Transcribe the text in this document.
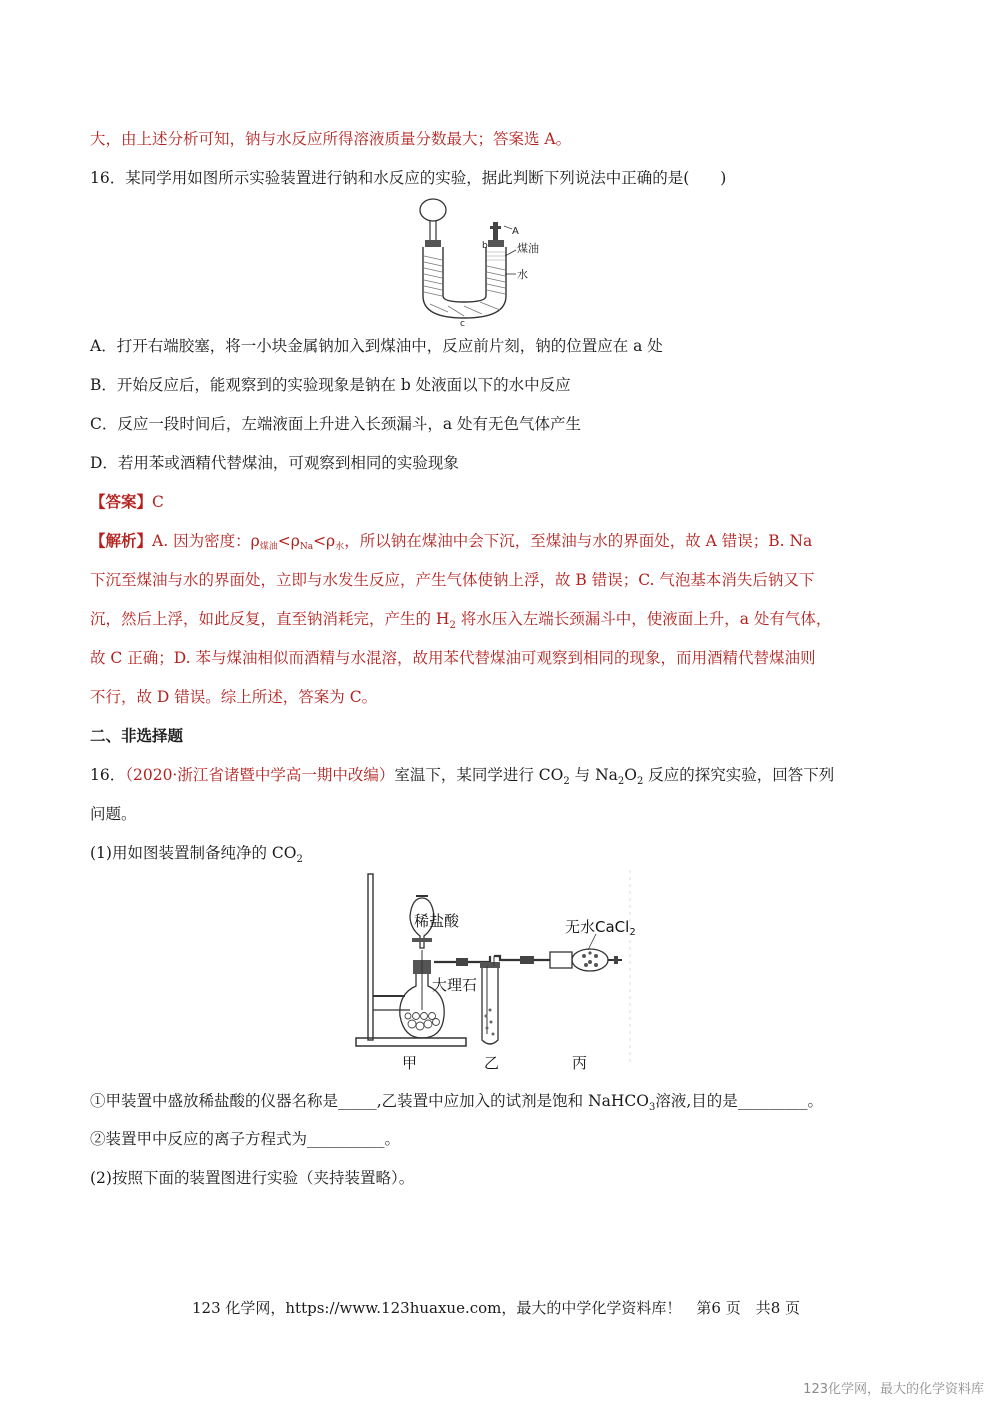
大，由上述分析可知，钠与水反应所得溶液质量分数最大；答案选 A。
16．某同学用如图所示实验装置进行钠和水反应的实验，据此判断下列说法中正确的是(　　)
A
b	煤油
水
c
A．打开右端胶塞，将一小块金属钠加入到煤油中，反应前片刻，钠的位置应在 a 处
B．开始反应后，能观察到的实验现象是钠在 b 处液面以下的水中反应
C．反应一段时间后，左端液面上升进入长颈漏斗，a 处有无色气体产生
D．若用苯或酒精代替煤油，可观察到相同的实验现象
【答案】C
【解析】A. 因为密度：ρ煤油<ρNa<ρ水，所以钠在煤油中会下沉，至煤油与水的界面处，故 A 错误；B. Na
下沉至煤油与水的界面处，立即与水发生反应，产生气体使钠上浮，故 B 错误；C. 气泡基本消失后钠又下
沉，然后上浮，如此反复，直至钠消耗完，产生的 $H_2$ 将水压入左端长颈漏斗中，使液面上升，a 处有气体，
故 C 正确；D. 苯与煤油相似而酒精与水混溶，故用苯代替煤油可观察到相同的现象，而用酒精代替煤油则
不行，故 D 错误。综上所述，答案为 C。
二、非选择题
16．（2020·浙江省诸暨中学高一期中改编）室温下，某同学进行 $CO_2$ 与 $Na_2O_2$ 反应的探究实验，回答下列
问题。
(1)用如图装置制备纯净的 $CO_2$
稀盐酸
大理石
无水CaCl$_2$
甲	乙	丙
①甲装置中盛放稀盐酸的仪器名称是_____,乙装置中应加入的试剂是饱和 NaHCO$_3$溶液,目的是_________。
②装置甲中反应的离子方程式为__________。
(2)按照下面的装置图进行实验（夹持装置略）。
123 化学网，https://www.123huaxue.com，最大的中学化学资料库！　第6 页　共8 页
123化学网，最大的化学资料库
